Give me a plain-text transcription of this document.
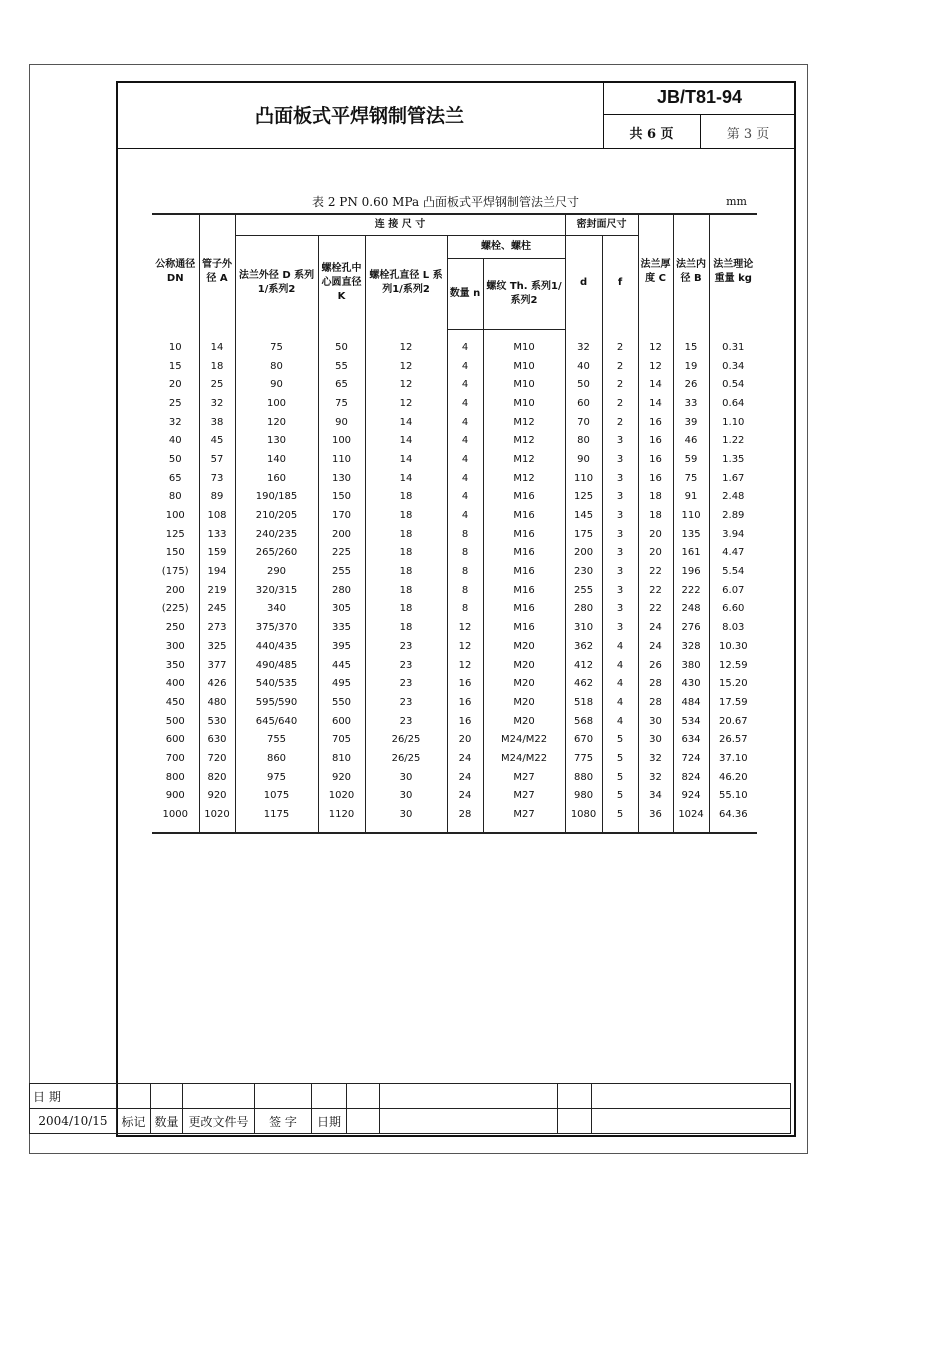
凸面板式平焊钢制管法兰
JB/T81-94
共 6 页	第 3 页
表 2 PN 0.60 MPa 凸面板式平焊钢制管法兰尺寸	mm
公称通径 DN	管子外径 A	连 接 尺 寸					密封面尺寸		法兰厚度 C	法兰内径 B	法兰理论重量 kg
		法兰外径 D 系列1/系列2	螺栓孔中心圆直径 K	螺栓孔直径 L 系列1/系列2	螺栓、螺柱		d	f			
					数量 n	螺纹 Th. 系列1/系列2					
10	14	75	50	12	4	M10	32	2	12	15	0.31
15	18	80	55	12	4	M10	40	2	12	19	0.34
20	25	90	65	12	4	M10	50	2	14	26	0.54
25	32	100	75	12	4	M10	60	2	14	33	0.64
32	38	120	90	14	4	M12	70	2	16	39	1.10
40	45	130	100	14	4	M12	80	3	16	46	1.22
50	57	140	110	14	4	M12	90	3	16	59	1.35
65	73	160	130	14	4	M12	110	3	16	75	1.67
80	89	190/185	150	18	4	M16	125	3	18	91	2.48
100	108	210/205	170	18	4	M16	145	3	18	110	2.89
125	133	240/235	200	18	8	M16	175	3	20	135	3.94
150	159	265/260	225	18	8	M16	200	3	20	161	4.47
(175)	194	290	255	18	8	M16	230	3	22	196	5.54
200	219	320/315	280	18	8	M16	255	3	22	222	6.07
(225)	245	340	305	18	8	M16	280	3	22	248	6.60
250	273	375/370	335	18	12	M16	310	3	24	276	8.03
300	325	440/435	395	23	12	M20	362	4	24	328	10.30
350	377	490/485	445	23	12	M20	412	4	26	380	12.59
400	426	540/535	495	23	16	M20	462	4	28	430	15.20
450	480	595/590	550	23	16	M20	518	4	28	484	17.59
500	530	645/640	600	23	16	M20	568	4	30	534	20.67
600	630	755	705	26/25	20	M24/M22	670	5	30	634	26.57
700	720	860	810	26/25	24	M24/M22	775	5	32	724	37.10
800	820	975	920	30	24	M27	880	5	32	824	46.20
900	920	1075	1020	30	24	M27	980	5	34	924	55.10
1000	1020	1175	1120	30	28	M27	1080	5	36	1024	64.36
日 期									
2004/10/15	标记	数量	更改文件号	签 字	日期				
